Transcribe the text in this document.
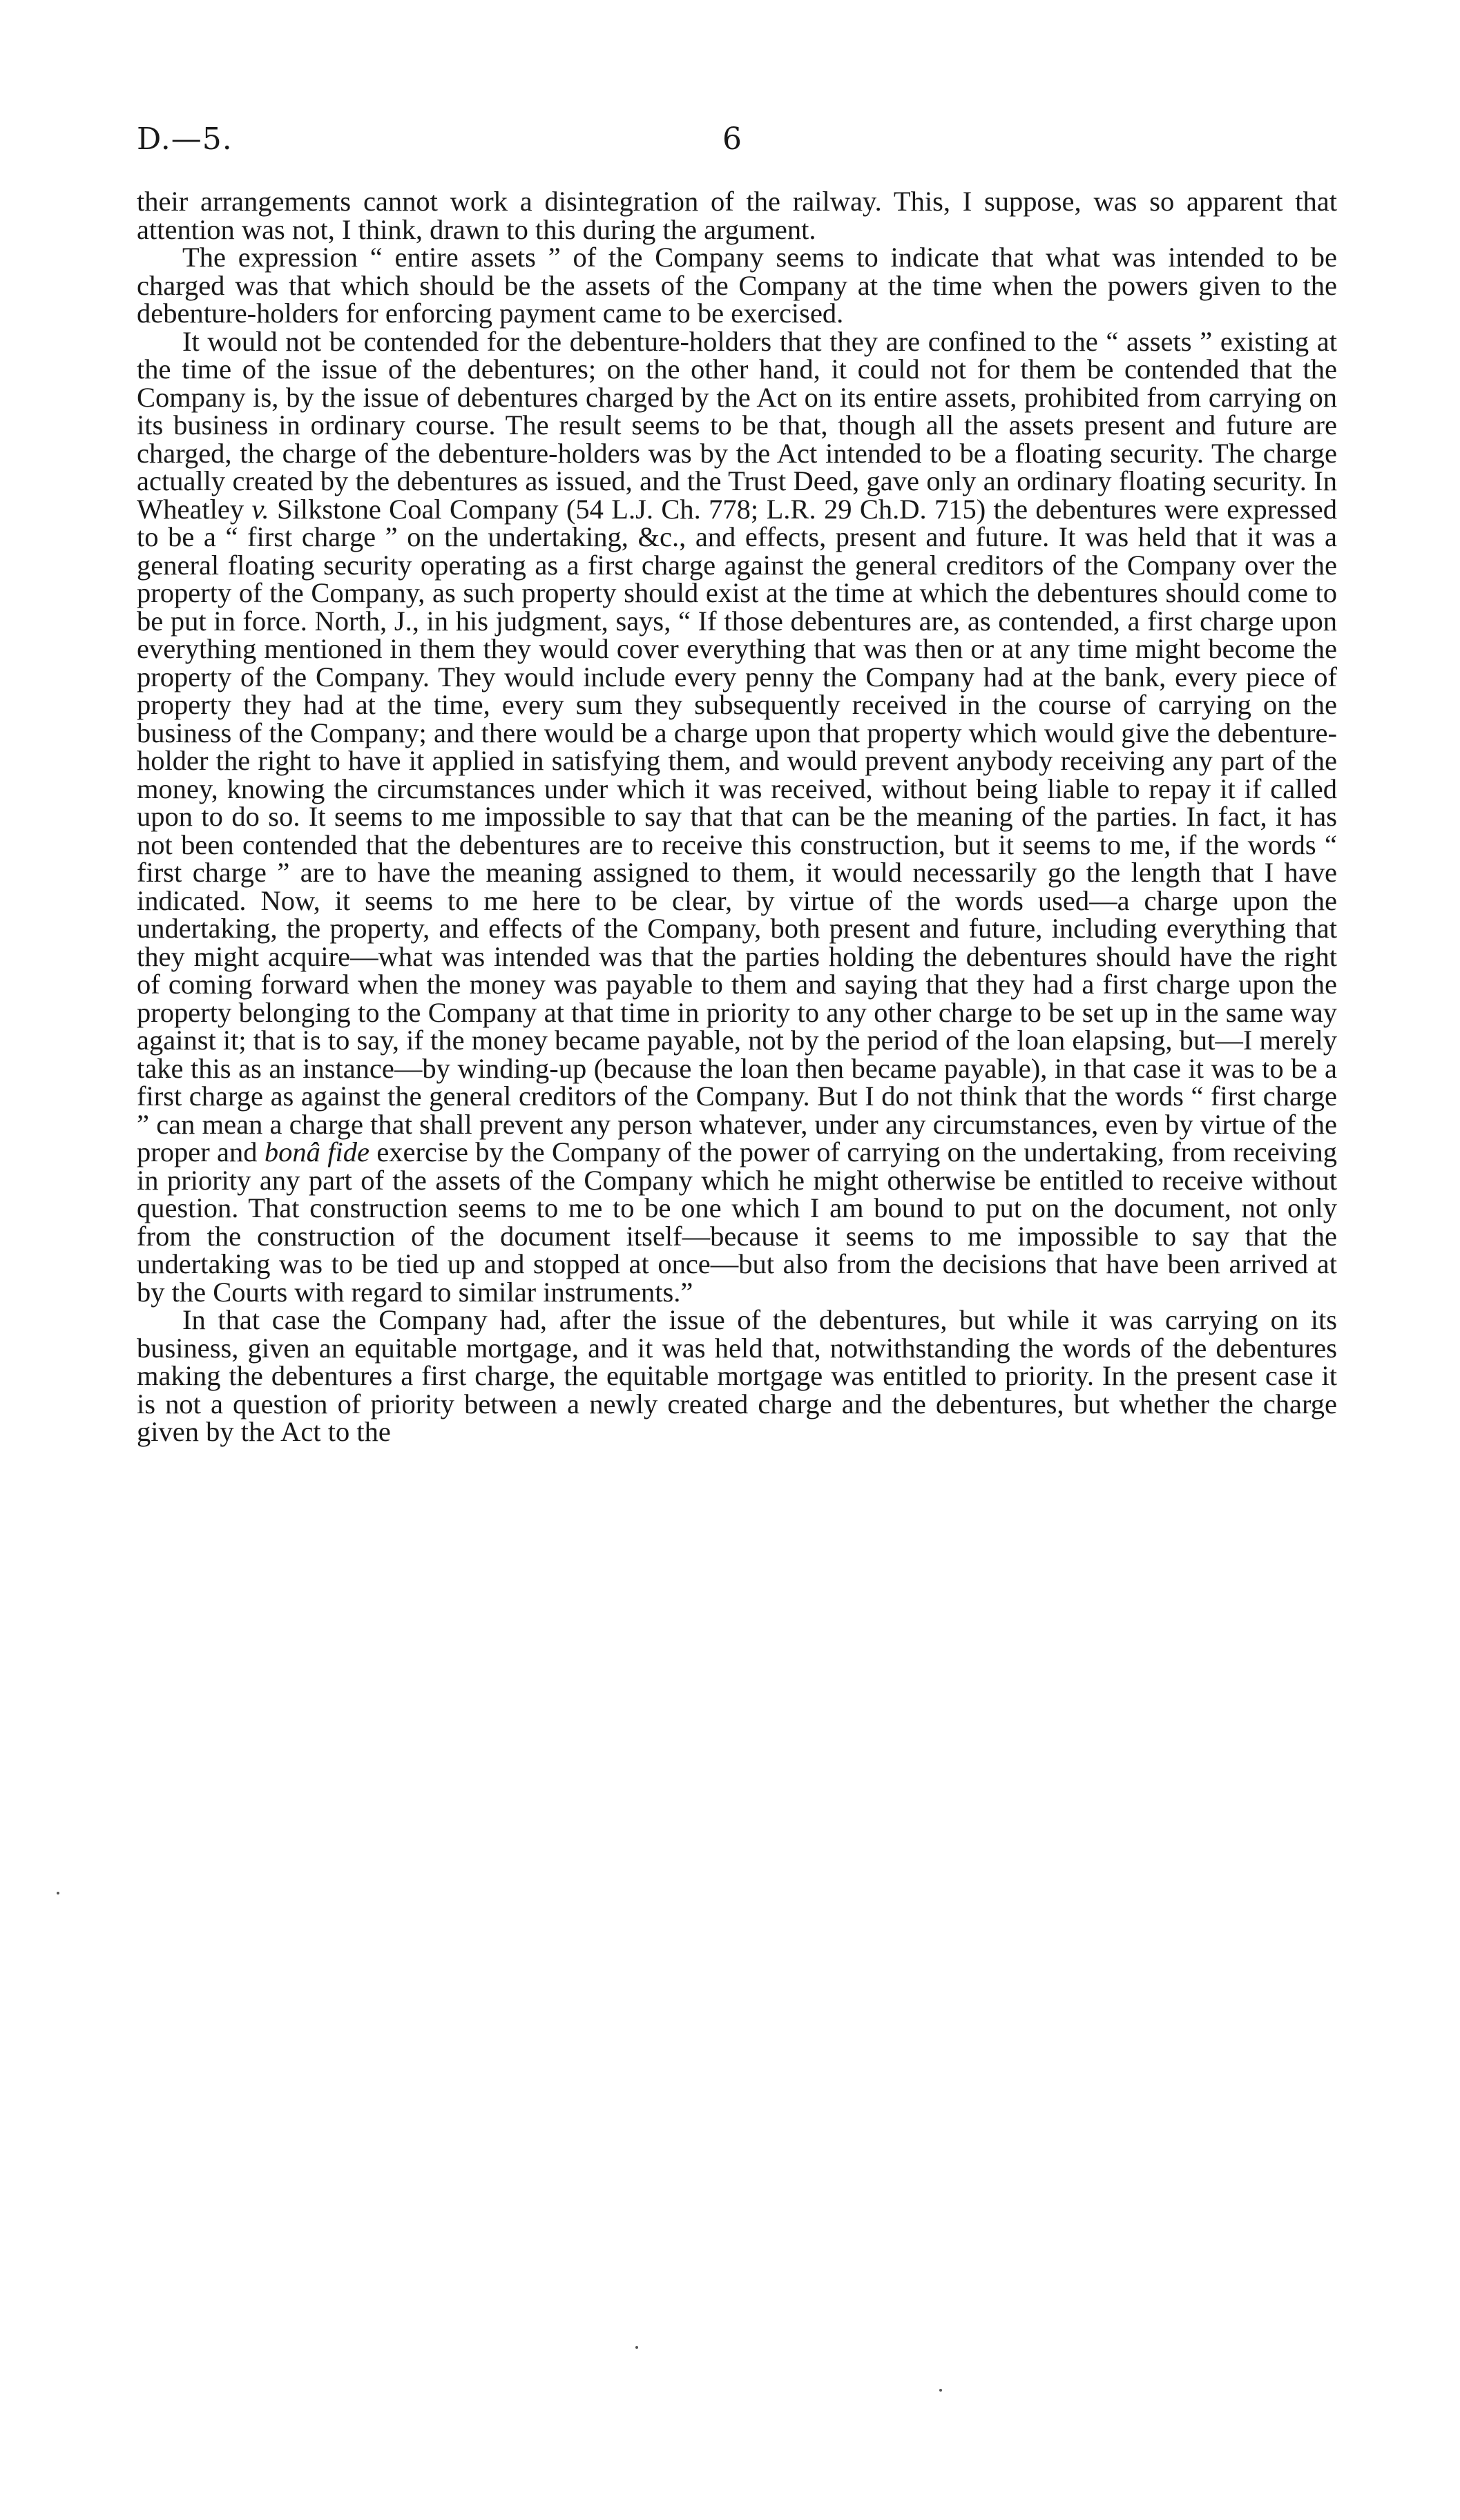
D.—5.	6

their arrangements cannot work a disintegration of the railway. This, I suppose, was so apparent that attention was not, I think, drawn to this during the argument.

The expression “ entire assets ” of the Company seems to indicate that what was intended to be charged was that which should be the assets of the Company at the time when the powers given to the debenture-holders for enforcing payment came to be exercised.

It would not be contended for the debenture-holders that they are confined to the “ assets ” existing at the time of the issue of the debentures; on the other hand, it could not for them be contended that the Company is, by the issue of debentures charged by the Act on its entire assets, prohibited from carrying on its business in ordinary course. The result seems to be that, though all the assets present and future are charged, the charge of the debenture-holders was by the Act intended to be a floating security. The charge actually created by the debentures as issued, and the Trust Deed, gave only an ordinary floating security. In Wheatley v. Silkstone Coal Company (54 L.J. Ch. 778; L.R. 29 Ch.D. 715) the debentures were expressed to be a “ first charge ” on the undertaking, &c., and effects, present and future. It was held that it was a general floating security operating as a first charge against the general creditors of the Company over the property of the Company, as such property should exist at the time at which the debentures should come to be put in force. North, J., in his judgment, says, “ If those debentures are, as contended, a first charge upon everything mentioned in them they would cover everything that was then or at any time might become the property of the Company. They would include every penny the Company had at the bank, every piece of property they had at the time, every sum they subsequently received in the course of carrying on the business of the Company; and there would be a charge upon that property which would give the debenture-holder the right to have it applied in satisfying them, and would prevent anybody receiving any part of the money, knowing the circumstances under which it was received, without being liable to repay it if called upon to do so. It seems to me impossible to say that that can be the meaning of the parties. In fact, it has not been contended that the debentures are to receive this construction, but it seems to me, if the words “ first charge ” are to have the meaning assigned to them, it would necessarily go the length that I have indicated. Now, it seems to me here to be clear, by virtue of the words used—a charge upon the undertaking, the property, and effects of the Company, both present and future, including everything that they might acquire—what was intended was that the parties holding the debentures should have the right of coming forward when the money was payable to them and saying that they had a first charge upon the property belonging to the Company at that time in priority to any other charge to be set up in the same way against it; that is to say, if the money became payable, not by the period of the loan elapsing, but—I merely take this as an instance—by winding-up (because the loan then became payable), in that case it was to be a first charge as against the general creditors of the Company. But I do not think that the words “ first charge ” can mean a charge that shall prevent any person whatever, under any circumstances, even by virtue of the proper and bonâ fide exercise by the Company of the power of carrying on the undertaking, from receiving in priority any part of the assets of the Company which he might otherwise be entitled to receive without question. That construction seems to me to be one which I am bound to put on the document, not only from the construction of the document itself—because it seems to me impossible to say that the undertaking was to be tied up and stopped at once—but also from the decisions that have been arrived at by the Courts with regard to similar instruments.”

In that case the Company had, after the issue of the debentures, but while it was carrying on its business, given an equitable mortgage, and it was held that, notwithstanding the words of the debentures making the debentures a first charge, the equitable mortgage was entitled to priority. In the present case it is not a question of priority between a newly created charge and the debentures, but whether the charge given by the Act to the
